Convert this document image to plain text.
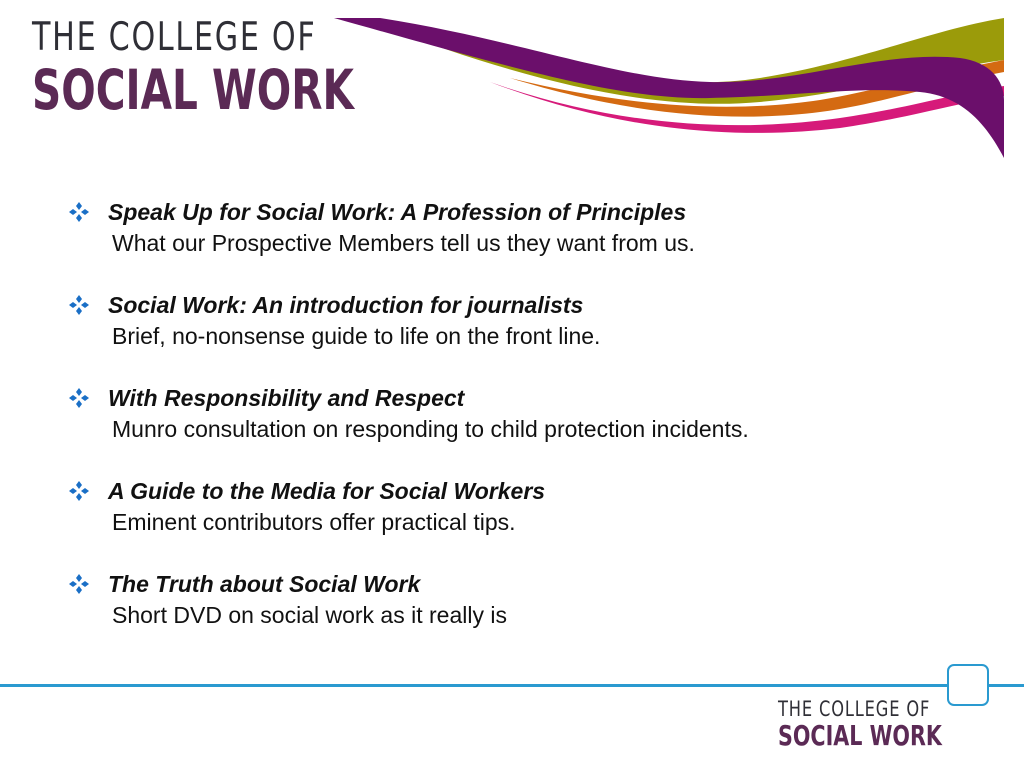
THE COLLEGE OF
SOCIAL WORK
Speak Up for Social Work: A Profession of Principles
What our Prospective Members tell us they want from us.
Social Work: An introduction for journalists
Brief, no-nonsense guide to life on the front line.
With Responsibility and Respect
Munro consultation on responding to child protection incidents.
A Guide to the Media for Social Workers
Eminent contributors offer practical tips.
The Truth about Social Work
Short DVD on social work as it really is
THE COLLEGE OF
SOCIAL WORK
